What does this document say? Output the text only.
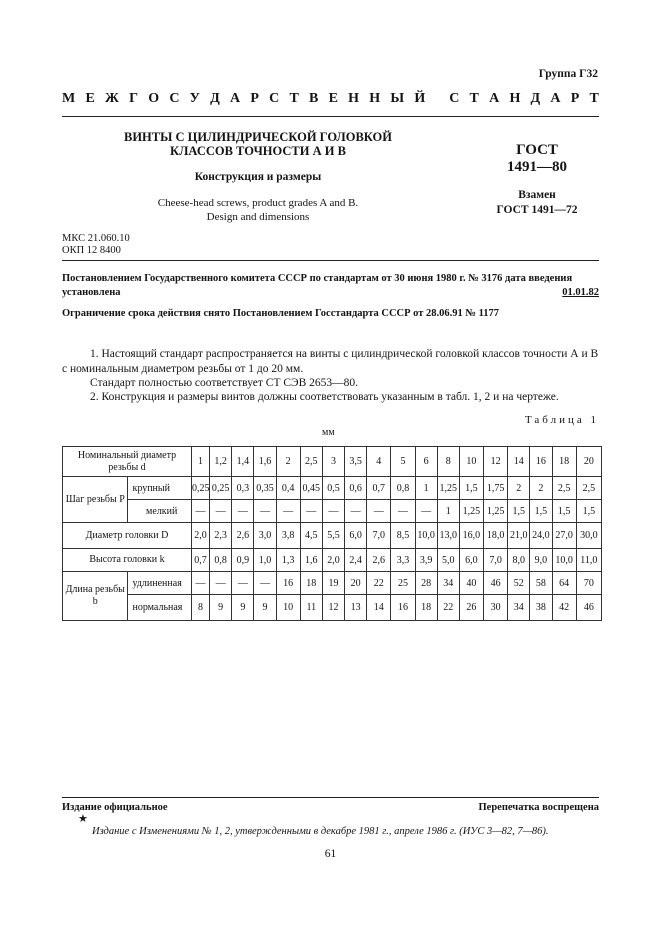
Группа Г32
М Е Ж Г О С У Д А Р С Т В Е Н Н Ы Й
С Т А Н Д А Р Т
ВИНТЫ С ЦИЛИНДРИЧЕСКОЙ ГОЛОВКОЙ
КЛАССОВ ТОЧНОСТИ А И В
Конструкция и размеры
Cheese-head screws, product grades A and B.
Design and dimensions
ГОСТ
1491—80
Взамен
ГОСТ 1491—72
МКС 21.060.10
ОКП 12 8400
Постановлением Государственного комитета СССР по стандартам от 30 июня 1980 г. № 3176 дата введения установлена	01.01.82
Ограничение срока действия снято Постановлением Госстандарта СССР от 28.06.91 № 1177
1. Настоящий стандарт распространяется на винты с цилиндрической головкой классов точности А и В с номинальным диаметром резьбы от 1 до 20 мм.
Стандарт полностью соответствует СТ СЭВ 2653—80.
2. Конструкция и размеры винтов должны соответствовать указанным в табл. 1, 2 и на чертеже.
Таблица 1
мм
Номинальный диаметр резьбы d		1	1,2	1,4	1,6	2	2,5	3	3,5	4	5	6	8	10	12	14	16	18	20
Шаг резьбы P	крупный	0,25	0,25	0,3	0,35	0,4	0,45	0,5	0,6	0,7	0,8	1	1,25	1,5	1,75	2	2	2,5	2,5
	мелкий	—	—	—	—	—	—	—	—	—	—	—	1	1,25	1,25	1,5	1,5	1,5	1,5
Диаметр головки D		2,0	2,3	2,6	3,0	3,8	4,5	5,5	6,0	7,0	8,5	10,0	13,0	16,0	18,0	21,0	24,0	27,0	30,0
Высота головки k		0,7	0,8	0,9	1,0	1,3	1,6	2,0	2,4	2,6	3,3	3,9	5,0	6,0	7,0	8,0	9,0	10,0	11,0
Длина резьбы b	удлиненная	—	—	—	—	16	18	19	20	22	25	28	34	40	46	52	58	64	70
	нормальная	8	9	9	9	10	11	12	13	14	16	18	22	26	30	34	38	42	46
Издание официальное	Перепечатка воспрещена
★
Издание с Изменениями № 1, 2, утвержденными в декабре 1981 г., апреле 1986 г. (ИУС 3—82, 7—86).
61
